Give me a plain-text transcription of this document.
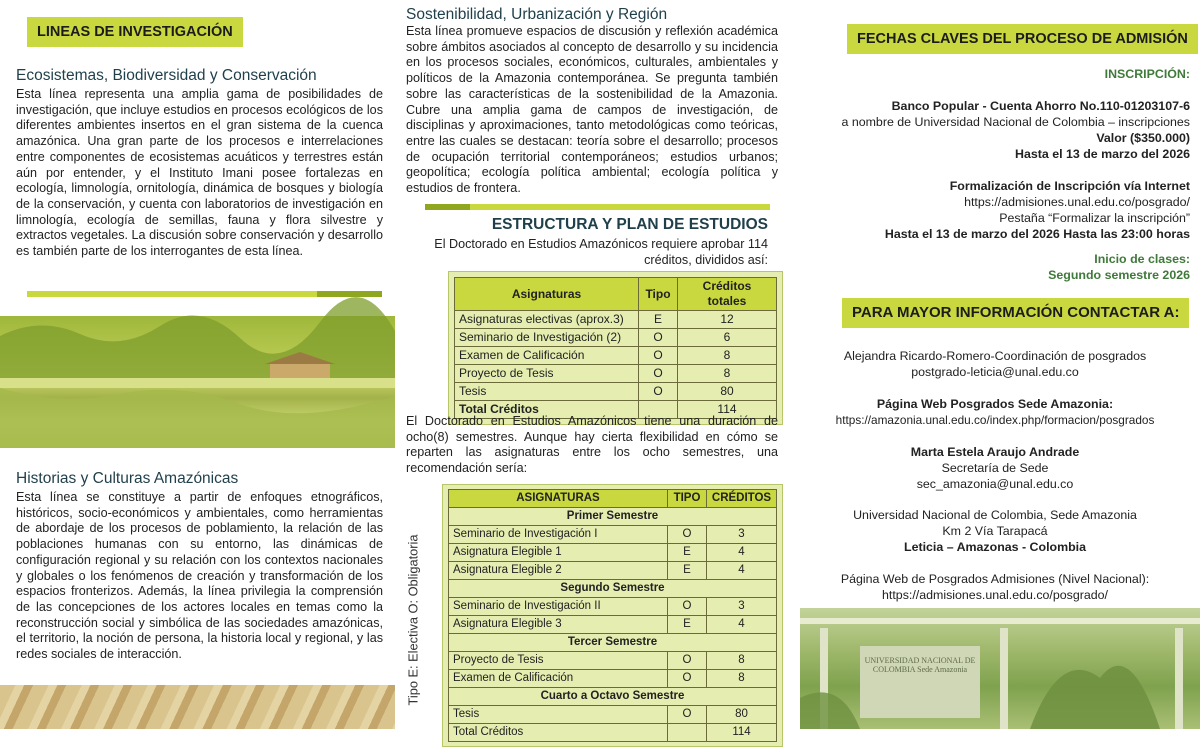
LINEAS DE INVESTIGACIÓN
Ecosistemas, Biodiversidad y Conservación
Esta línea representa una amplia gama de posibilidades de investigación, que incluye estudios en procesos ecológicos de los diferentes ambientes insertos en el gran sistema de la cuenca amazónica. Una gran parte de los procesos e interrelaciones entre componentes de ecosistemas acuáticos y terrestres están aún por entender, y el Instituto Imani posee fortalezas en ecología, limnología, ornitología, dinámica de bosques y biología de la conservación, y cuenta con laboratorios de investigación en limnología, ecología de semillas, fauna y flora silvestre y extractos vegetales. La discusión sobre conservación y desarrollo es también parte de los interrogantes de esta línea.
Historias y Culturas Amazónicas
Esta línea se constituye a partir de enfoques etnográficos, históricos, socio-económicos y ambientales, como herramientas de abordaje de los procesos de poblamiento, la relación de las poblaciones humanas con su entorno, las dinámicas de configuración regional y su relación con los contextos nacionales y globales o los fenómenos de creación y transformación de los espacios fronterizos. Además, la línea privilegia la comprensión de las concepciones de los actores locales en temas como la reconstrucción social y simbólica de las sociedades amazónicas, el territorio, la noción de persona, la historia local y regional, y las redes sociales de interacción.
Sostenibilidad, Urbanización y Región
Esta línea promueve espacios de discusión y reflexión académica sobre ámbitos asociados al concepto de desarrollo y su incidencia en los procesos sociales, económicos, culturales, ambientales y políticos de la Amazonia contemporánea. Se pregunta también sobre las características de la sostenibilidad de la Amazonia. Cubre una amplia gama de campos de investigación, de disciplinas y aproximaciones, tanto metodológicas como teóricas, entre las cuales se destacan: teoría sobre el desarrollo; procesos de ocupación territorial contemporáneos; estudios urbanos; geopolítica; ecología política ambiental; ecología política y estudios de frontera.
ESTRUCTURA Y PLAN DE ESTUDIOS
El Doctorado en Estudios Amazónicos requiere aprobar 114 créditos, divididos así:
Asignaturas	Tipo	Créditos totales
Asignaturas electivas (aprox.3)	E	12
Seminario de Investigación (2)	O	6
Examen de Calificación	O	8
Proyecto de Tesis	O	8
Tesis	O	80
Total Créditos		114
El Doctorado en Estudios Amazónicos tiene una duración de ocho(8) semestres. Aunque hay cierta flexibilidad en cómo se reparten las asignaturas entre los ocho semestres, una recomendación sería:
Tipo E: Electiva O: Obligatoria
ASIGNATURAS	TIPO	CRÉDITOS
Primer Semestre		
Seminario de Investigación I	O	3
Asignatura Elegible 1	E	4
Asignatura Elegible 2	E	4
Segundo Semestre		
Seminario de Investigación II	O	3
Asignatura Elegible 3	E	4
Tercer Semestre		
Proyecto de Tesis	O	8
Examen de Calificación	O	8
Cuarto a Octavo Semestre		
Tesis	O	80
Total Créditos		114
FECHAS CLAVES DEL PROCESO DE ADMISIÓN
INSCRIPCIÓN:
Banco Popular - Cuenta Ahorro No.110-01203107-6
a nombre de Universidad Nacional de Colombia – inscripciones
Valor ($350.000)
Hasta el 13 de marzo del 2026
Formalización de Inscripción vía Internet
https://admisiones.unal.edu.co/posgrado/
Pestaña “Formalizar la inscripción”
Hasta el 13 de marzo del 2026 Hasta las 23:00 horas
Inicio de clases:
Segundo semestre 2026
PARA MAYOR INFORMACIÓN CONTACTAR A:
Alejandra Ricardo-Romero-Coordinación de posgrados
postgrado-leticia@unal.edu.co
Página Web Posgrados Sede Amazonia:
https://amazonia.unal.edu.co/index.php/formacion/posgrados
Marta Estela Araujo Andrade
Secretaría de Sede
sec_amazonia@unal.edu.co
Universidad Nacional de Colombia, Sede Amazonia
Km 2 Vía Tarapacá
Leticia – Amazonas - Colombia
Página Web de Posgrados Admisiones (Nivel Nacional):
https://admisiones.unal.edu.co/posgrado/
UNIVERSIDAD NACIONAL DE COLOMBIA Sede Amazonia
